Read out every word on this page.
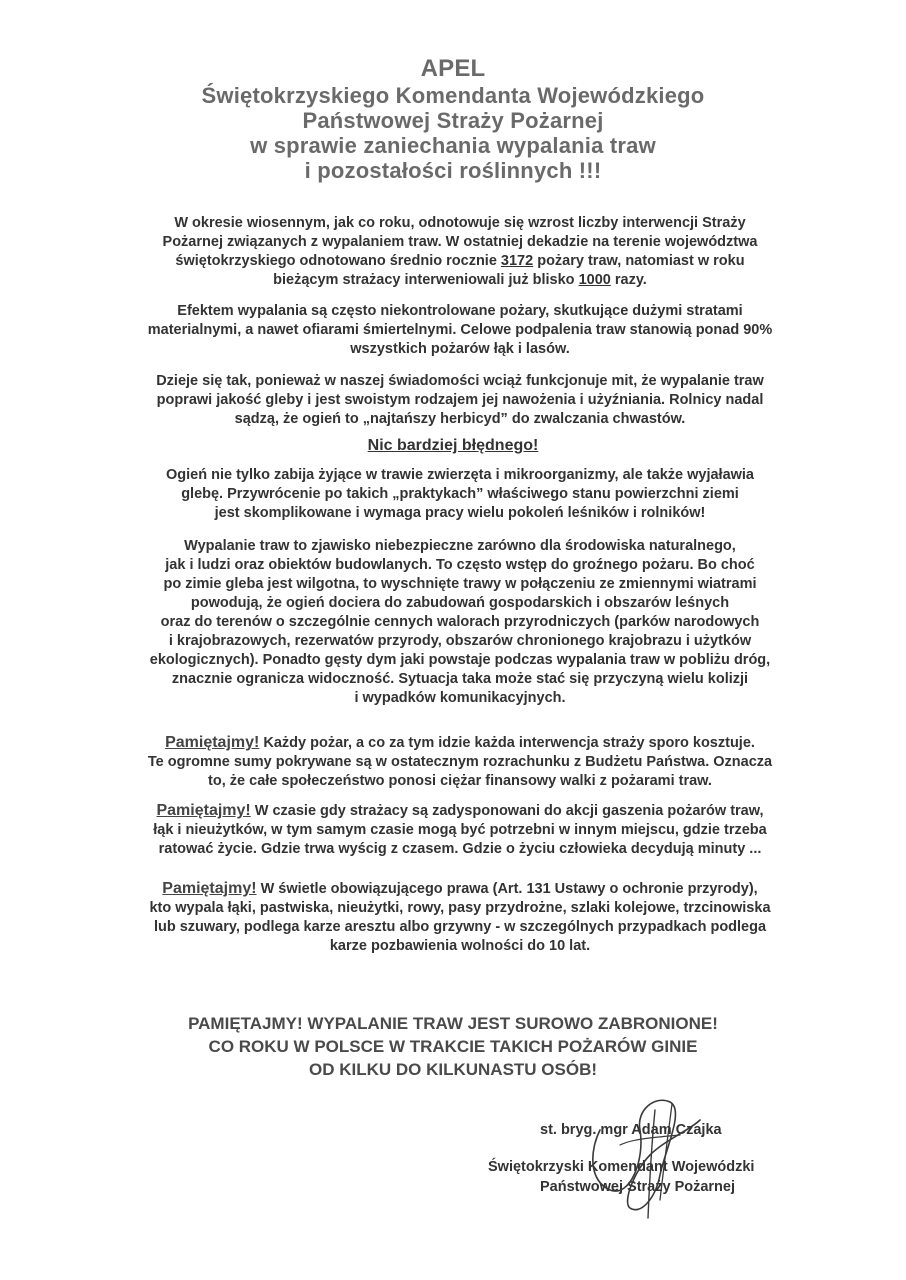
APEL
Świętokrzyskiego Komendanta Wojewódzkiego
Państwowej Straży Pożarnej
w sprawie zaniechania wypalania traw
i pozostałości roślinnych !!!

W okresie wiosennym, jak co roku, odnotowuje się wzrost liczby interwencji Straży
Pożarnej związanych z wypalaniem traw. W ostatniej dekadzie na terenie województwa
świętokrzyskiego odnotowano średnio rocznie 3172 pożary traw, natomiast w roku
bieżącym strażacy interweniowali już blisko 1000 razy.

Efektem wypalania są często niekontrolowane pożary, skutkujące dużymi stratami
materialnymi, a nawet ofiarami śmiertelnymi. Celowe podpalenia traw stanowią ponad 90%
wszystkich pożarów łąk i lasów.

Dzieje się tak, ponieważ w naszej świadomości wciąż funkcjonuje mit, że wypalanie traw
poprawi jakość gleby i jest swoistym rodzajem jej nawożenia i użyźniania. Rolnicy nadal
sądzą, że ogień to „najtańszy herbicyd” do zwalczania chwastów.

Nic bardziej błędnego!

Ogień nie tylko zabija żyjące w trawie zwierzęta i mikroorganizmy, ale także wyjaławia
glebę. Przywrócenie po takich „praktykach” właściwego stanu powierzchni ziemi
jest skomplikowane i wymaga pracy wielu pokoleń leśników i rolników!

Wypalanie traw to zjawisko niebezpieczne zarówno dla środowiska naturalnego,
jak i ludzi oraz obiektów budowlanych. To często wstęp do groźnego pożaru. Bo choć
po zimie gleba jest wilgotna, to wyschnięte trawy w połączeniu ze zmiennymi wiatrami
powodują, że ogień dociera do zabudowań gospodarskich i obszarów leśnych
oraz do terenów o szczególnie cennych walorach przyrodniczych (parków narodowych
i krajobrazowych, rezerwatów przyrody, obszarów chronionego krajobrazu i użytków
ekologicznych). Ponadto gęsty dym jaki powstaje podczas wypalania traw w pobliżu dróg,
znacznie ogranicza widoczność. Sytuacja taka może stać się przyczyną wielu kolizji
i wypadków komunikacyjnych.

Pamiętajmy! Każdy pożar, a co za tym idzie każda interwencja straży sporo kosztuje.
Te ogromne sumy pokrywane są w ostatecznym rozrachunku z Budżetu Państwa. Oznacza
to, że całe społeczeństwo ponosi ciężar finansowy walki z pożarami traw.

Pamiętajmy! W czasie gdy strażacy są zadysponowani do akcji gaszenia pożarów traw,
łąk i nieużytków, w tym samym czasie mogą być potrzebni w innym miejscu, gdzie trzeba
ratować życie. Gdzie trwa wyścig z czasem. Gdzie o życiu człowieka decydują minuty ...

Pamiętajmy! W świetle obowiązującego prawa (Art. 131 Ustawy o ochronie przyrody),
kto wypala łąki, pastwiska, nieużytki, rowy, pasy przydrożne, szlaki kolejowe, trzcinowiska
lub szuwary, podlega karze aresztu albo grzywny - w szczególnych przypadkach podlega
karze pozbawienia wolności do 10 lat.

PAMIĘTAJMY! WYPALANIE TRAW JEST SUROWO ZABRONIONE!
CO ROKU W POLSCE W TRAKCIE TAKICH POŻARÓW GINIE
OD KILKU DO KILKUNASTU OSÓB!
st. bryg. mgr Adam Czajka
Świętokrzyski Komendant Wojewódzki
Państwowej Straży Pożarnej
